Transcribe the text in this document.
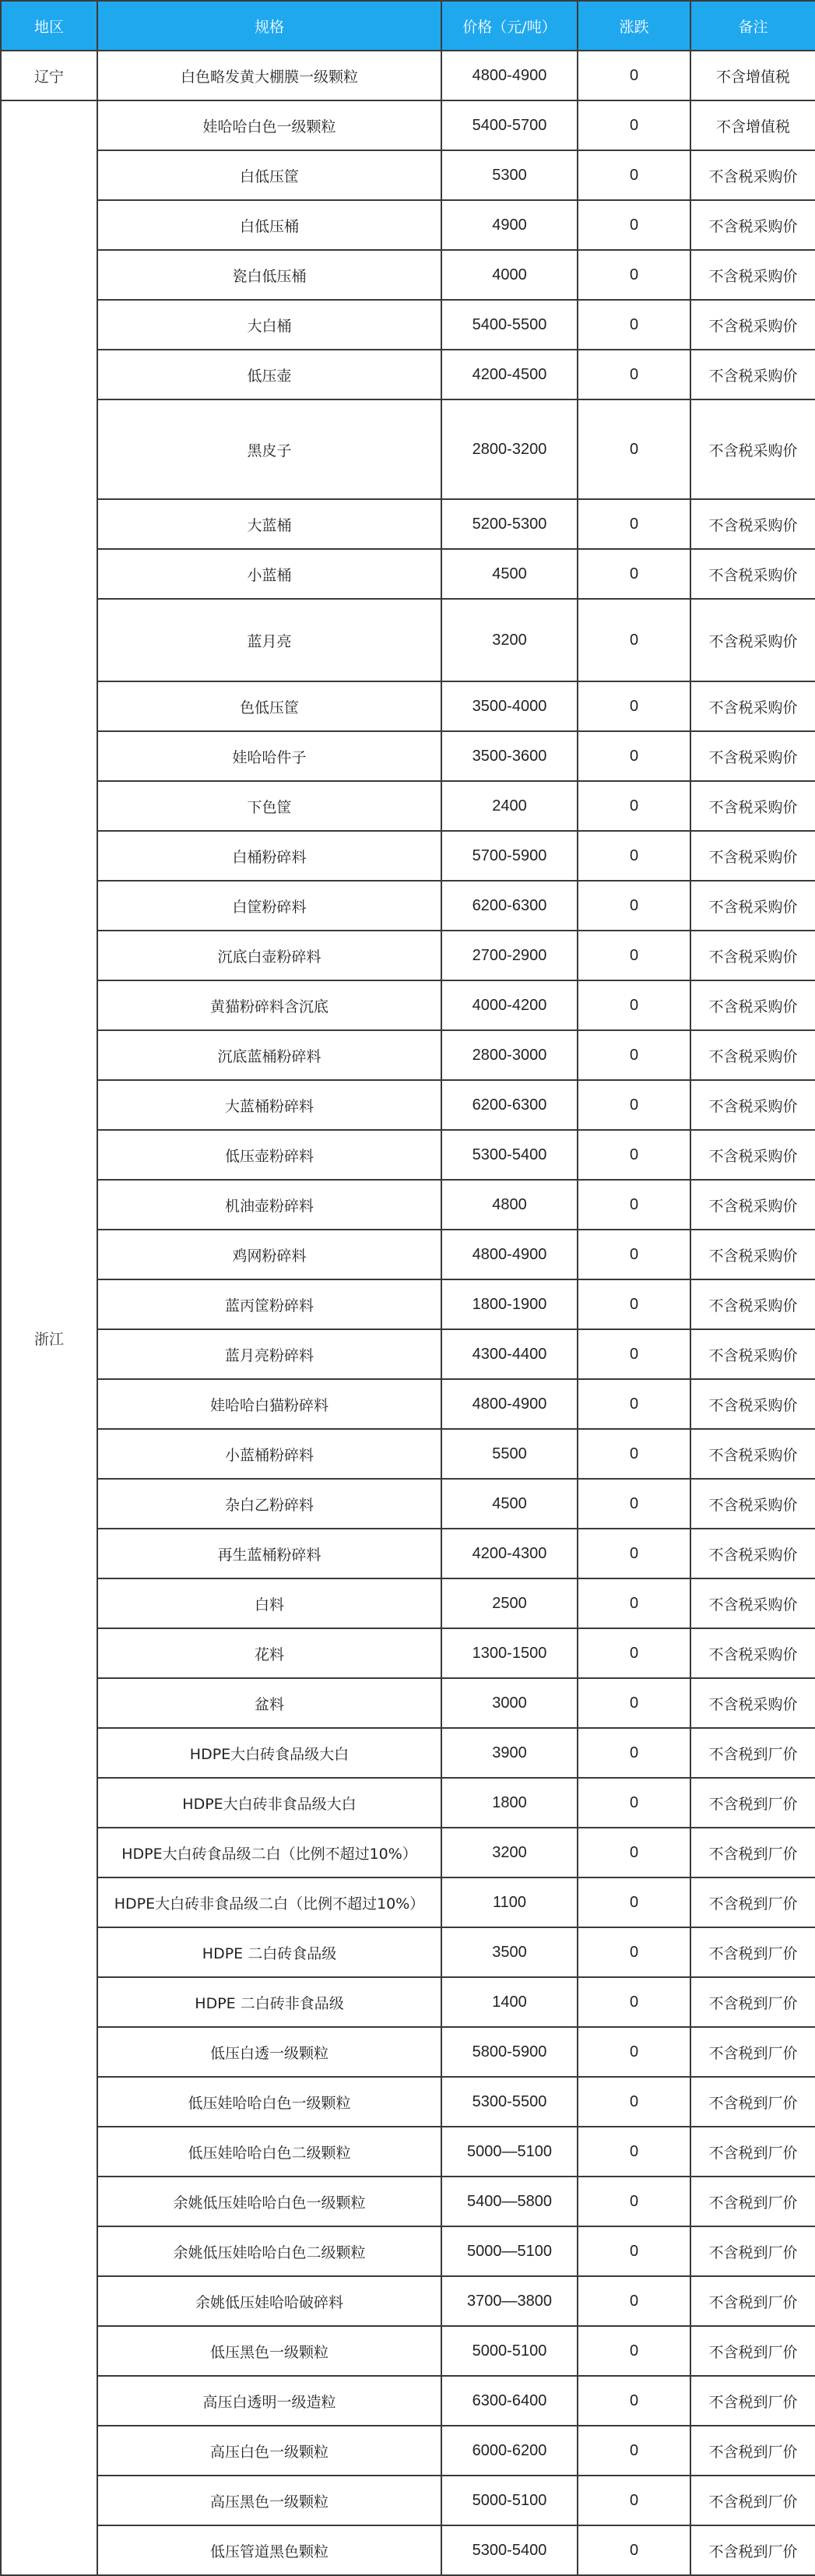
地区	规格	价格（元/吨）	涨跌	备注
辽宁	白色略发黄大棚膜一级颗粒	4800-4900	0	不含增值税
浙江	娃哈哈白色一级颗粒	5400-5700	0	不含增值税
	白低压筐	5300	0	不含税采购价
	白低压桶	4900	0	不含税采购价
	瓷白低压桶	4000	0	不含税采购价
	大白桶	5400-5500	0	不含税采购价
	低压壶	4200-4500	0	不含税采购价
	黑皮子	2800-3200	0	不含税采购价
	大蓝桶	5200-5300	0	不含税采购价
	小蓝桶	4500	0	不含税采购价
	蓝月亮	3200	0	不含税采购价
	色低压筐	3500-4000	0	不含税采购价
	娃哈哈件子	3500-3600	0	不含税采购价
	下色筐	2400	0	不含税采购价
	白桶粉碎料	5700-5900	0	不含税采购价
	白筐粉碎料	6200-6300	0	不含税采购价
	沉底白壶粉碎料	2700-2900	0	不含税采购价
	黄猫粉碎料含沉底	4000-4200	0	不含税采购价
	沉底蓝桶粉碎料	2800-3000	0	不含税采购价
	大蓝桶粉碎料	6200-6300	0	不含税采购价
	低压壶粉碎料	5300-5400	0	不含税采购价
	机油壶粉碎料	4800	0	不含税采购价
	鸡网粉碎料	4800-4900	0	不含税采购价
	蓝丙筐粉碎料	1800-1900	0	不含税采购价
	蓝月亮粉碎料	4300-4400	0	不含税采购价
	娃哈哈白猫粉碎料	4800-4900	0	不含税采购价
	小蓝桶粉碎料	5500	0	不含税采购价
	杂白乙粉碎料	4500	0	不含税采购价
	再生蓝桶粉碎料	4200-4300	0	不含税采购价
	白料	2500	0	不含税采购价
	花料	1300-1500	0	不含税采购价
	盆料	3000	0	不含税采购价
	HDPE大白砖食品级大白	3900	0	不含税到厂价
	HDPE大白砖非食品级大白	1800	0	不含税到厂价
	HDPE大白砖食品级二白（比例不超过10%）	3200	0	不含税到厂价
	HDPE大白砖非食品级二白（比例不超过10%）	1100	0	不含税到厂价
	HDPE 二白砖食品级	3500	0	不含税到厂价
	HDPE 二白砖非食品级	1400	0	不含税到厂价
	低压白透一级颗粒	5800-5900	0	不含税到厂价
	低压娃哈哈白色一级颗粒	5300-5500	0	不含税到厂价
	低压娃哈哈白色二级颗粒	5000—5100	0	不含税到厂价
	余姚低压娃哈哈白色一级颗粒	5400—5800	0	不含税到厂价
	余姚低压娃哈哈白色二级颗粒	5000—5100	0	不含税到厂价
	余姚低压娃哈哈破碎料	3700—3800	0	不含税到厂价
	低压黑色一级颗粒	5000-5100	0	不含税到厂价
	高压白透明一级造粒	6300-6400	0	不含税到厂价
	高压白色一级颗粒	6000-6200	0	不含税到厂价
	高压黑色一级颗粒	5000-5100	0	不含税到厂价
	低压管道黑色颗粒	5300-5400	0	不含税到厂价
